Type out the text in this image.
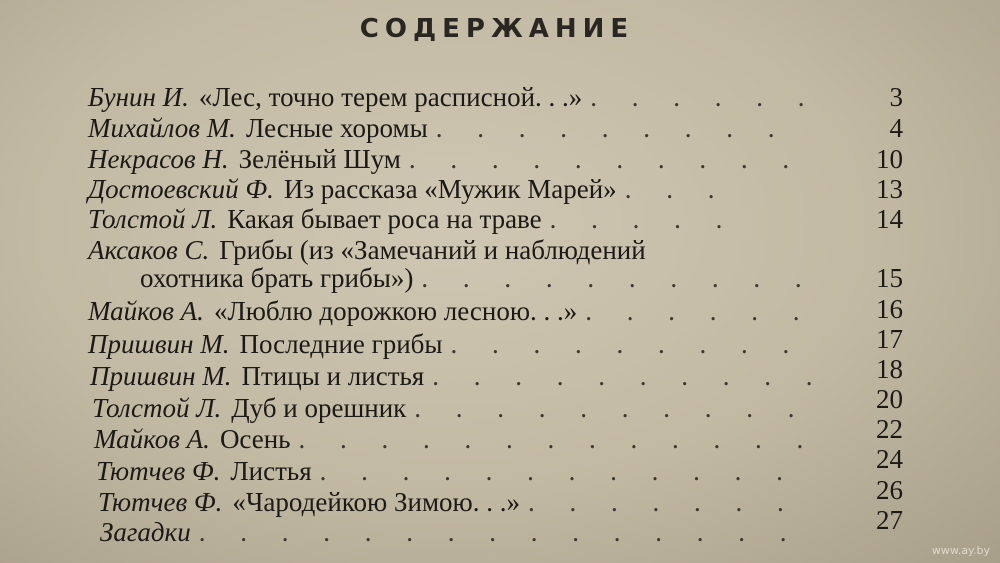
СОДЕРЖАНИЕ
Бунин И. «Лес, точно терем расписной. . .» . . . . . .	3
Михайлов М. Лесные хоромы . . . . . . . . .	4
Некрасов Н. Зелёный Шум . . . . . . . . . .	10
Достоевский Ф. Из рассказа «Мужик Марей» . . .	13
Толстой Л. Какая бывает роса на траве . . . . .	14
Аксаков С. Грибы (из «Замечаний и наблюдений
охотника брать грибы») . . . . . . . . . .	15
Майков А. «Люблю дорожкою лесною. . .» . . . . . .	16
Пришвин М. Последние грибы . . . . . . . . .	17
Пришвин М. Птицы и листья . . . . . . . . . .	18
Толстой Л. Дуб и орешник . . . . . . . . . .	20
Майков А. Осень . . . . . . . . . . . . .	22
Тютчев Ф. Листья . . . . . . . . . . . .	24
Тютчев Ф. «Чародейкою Зимою. . .» . . . . . . .	26
Загадки . . . . . . . . . . . . . . .	27
www.ay.by
